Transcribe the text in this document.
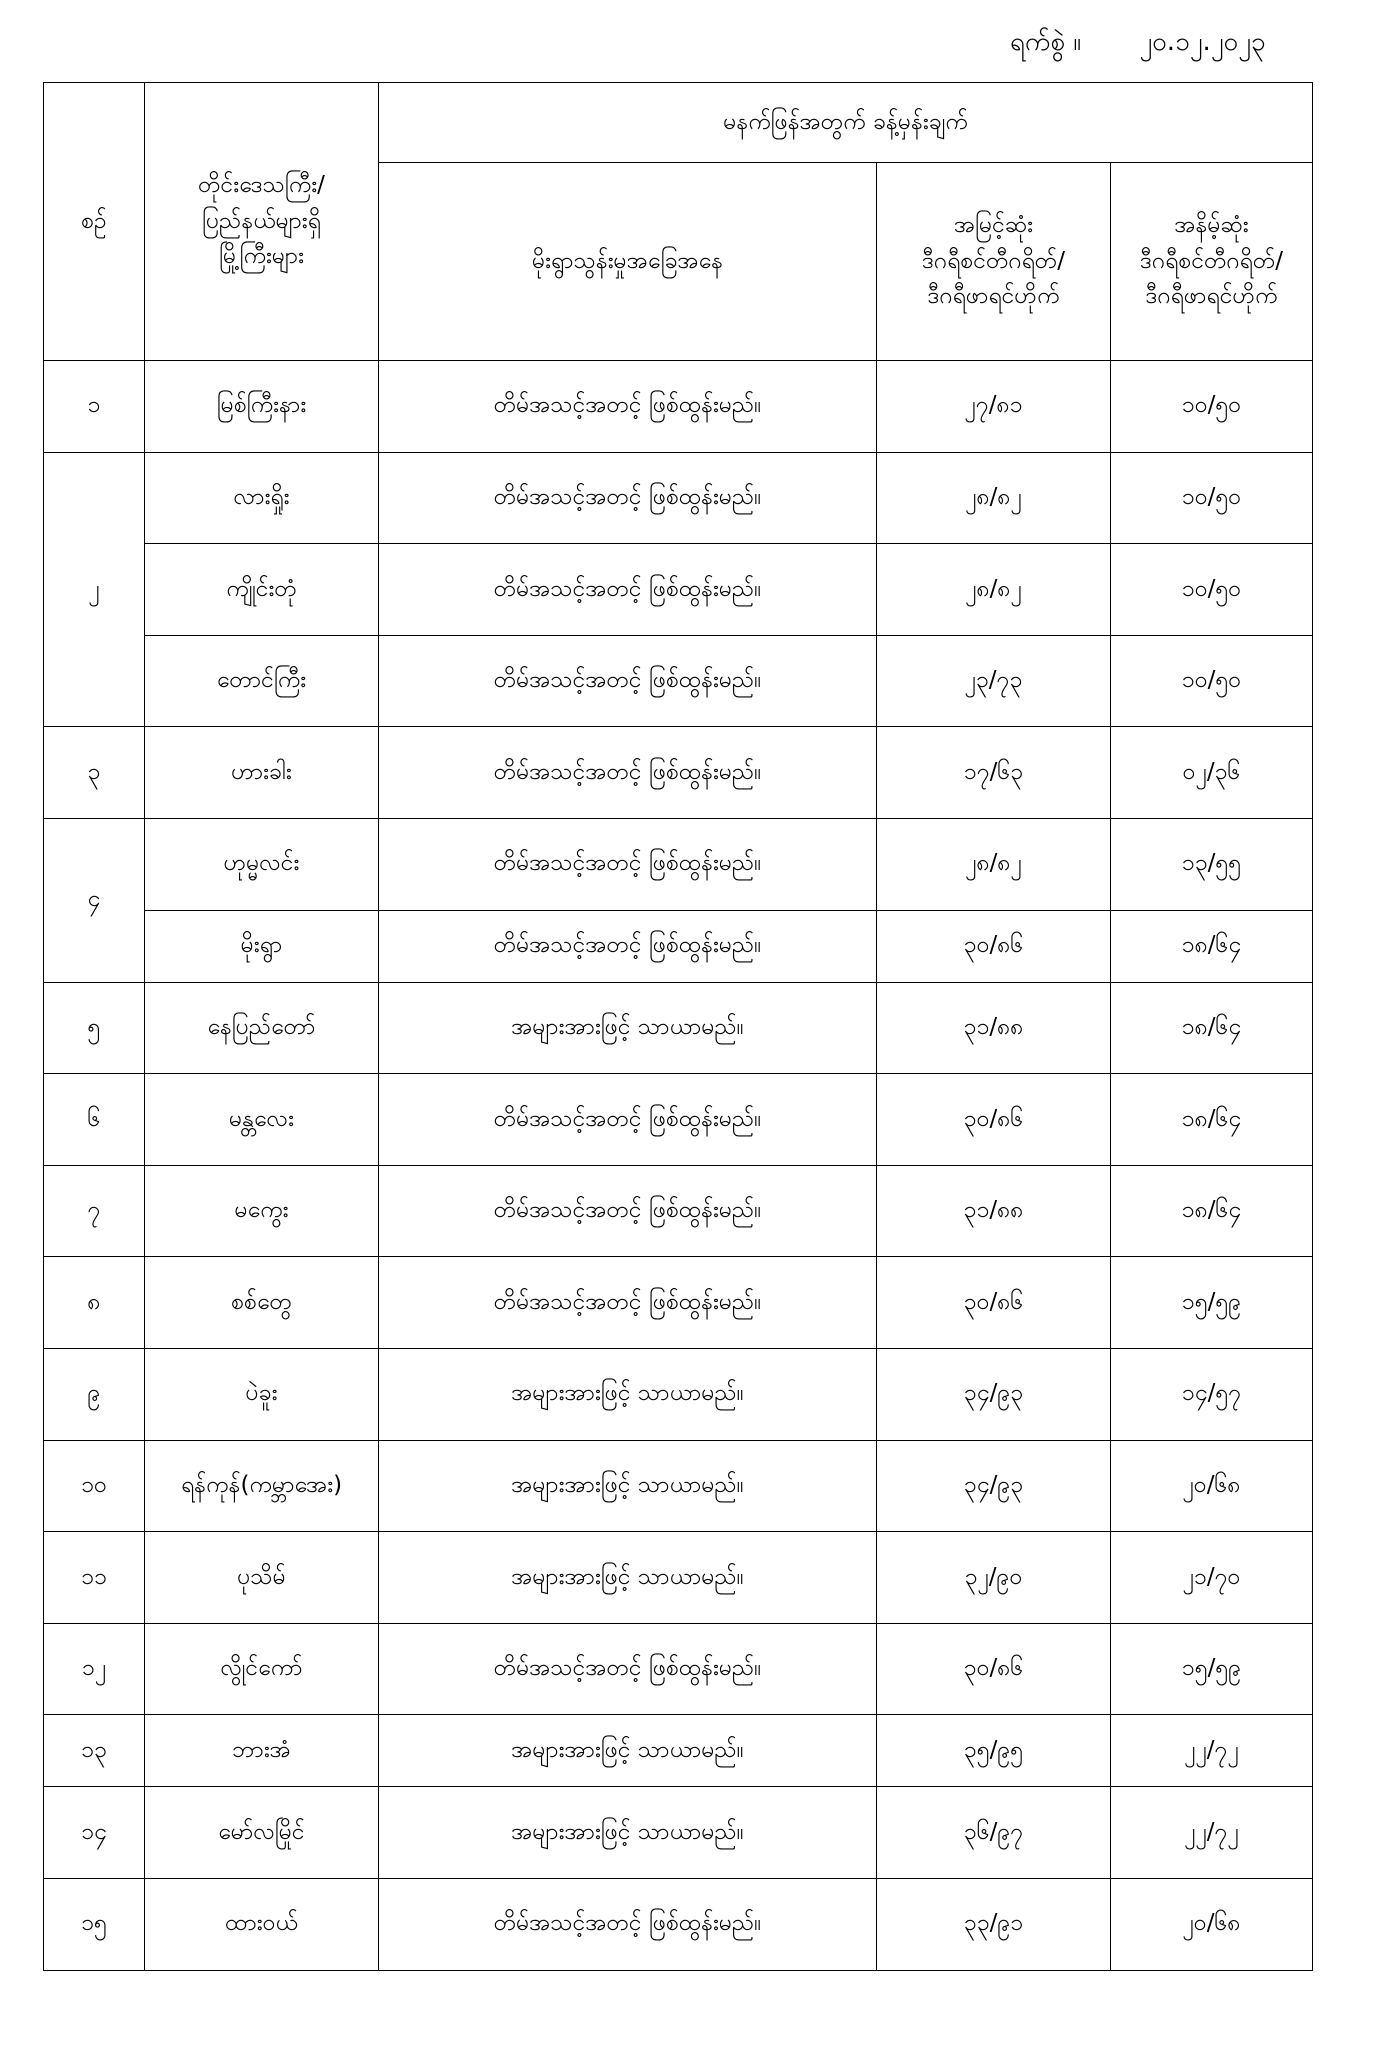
ရက်စွဲ ။ ၂၀.၁၂.၂၀၂၃
စဉ်	တိုင်းဒေသကြီး/
ပြည်နယ်များရှိ
မြို့ကြီးများ	မနက်ဖြန်အတွက် ခန့်မှန်းချက်		
		မိုးရွာသွန်းမှုအခြေအနေ	အမြင့်ဆုံး
ဒီဂရီစင်တီဂရိတ်/
ဒီဂရီဖာရင်ဟိုက်	အနိမ့်ဆုံး
ဒီဂရီစင်တီဂရိတ်/
ဒီဂရီဖာရင်ဟိုက်
၁	မြစ်ကြီးနား	တိမ်အသင့်အတင့် ဖြစ်ထွန်းမည်။	၂၇/၈၁	၁၀/၅၀
၂	လားရှိုး	တိမ်အသင့်အတင့် ဖြစ်ထွန်းမည်။	၂၈/၈၂	၁၀/၅၀
	ကျိုင်းတုံ	တိမ်အသင့်အတင့် ဖြစ်ထွန်းမည်။	၂၈/၈၂	၁၀/၅၀
	တောင်ကြီး	တိမ်အသင့်အတင့် ဖြစ်ထွန်းမည်။	၂၃/၇၃	၁၀/၅၀
၃	ဟားခါး	တိမ်အသင့်အတင့် ဖြစ်ထွန်းမည်။	၁၇/၆၃	၀၂/၃၆
၄	ဟုမ္မလင်း	တိမ်အသင့်အတင့် ဖြစ်ထွန်းမည်။	၂၈/၈၂	၁၃/၅၅
	မိုးရွာ	တိမ်အသင့်အတင့် ဖြစ်ထွန်းမည်။	၃၀/၈၆	၁၈/၆၄
၅	နေပြည်တော်	အများအားဖြင့် သာယာမည်။	၃၁/၈၈	၁၈/၆၄
၆	မန္တလေး	တိမ်အသင့်အတင့် ဖြစ်ထွန်းမည်။	၃၀/၈၆	၁၈/၆၄
၇	မကွေး	တိမ်အသင့်အတင့် ဖြစ်ထွန်းမည်။	၃၁/၈၈	၁၈/၆၄
၈	စစ်တွေ	တိမ်အသင့်အတင့် ဖြစ်ထွန်းမည်။	၃၀/၈၆	၁၅/၅၉
၉	ပဲခူး	အများအားဖြင့် သာယာမည်။	၃၄/၉၃	၁၄/၅၇
၁၀	ရန်ကုန်(ကမ္ဘာအေး)	အများအားဖြင့် သာယာမည်။	၃၄/၉၃	၂၀/၆၈
၁၁	ပုသိမ်	အများအားဖြင့် သာယာမည်။	၃၂/၉၀	၂၁/၇၀
၁၂	လွိုင်ကော်	တိမ်အသင့်အတင့် ဖြစ်ထွန်းမည်။	၃၀/၈၆	၁၅/၅၉
၁၃	ဘားအံ	အများအားဖြင့် သာယာမည်။	၃၅/၉၅	၂၂/၇၂
၁၄	မော်လမြိုင်	အများအားဖြင့် သာယာမည်။	၃၆/၉၇	၂၂/၇၂
၁၅	ထားဝယ်	တိမ်အသင့်အတင့် ဖြစ်ထွန်းမည်။	၃၃/၉၁	၂၀/၆၈
